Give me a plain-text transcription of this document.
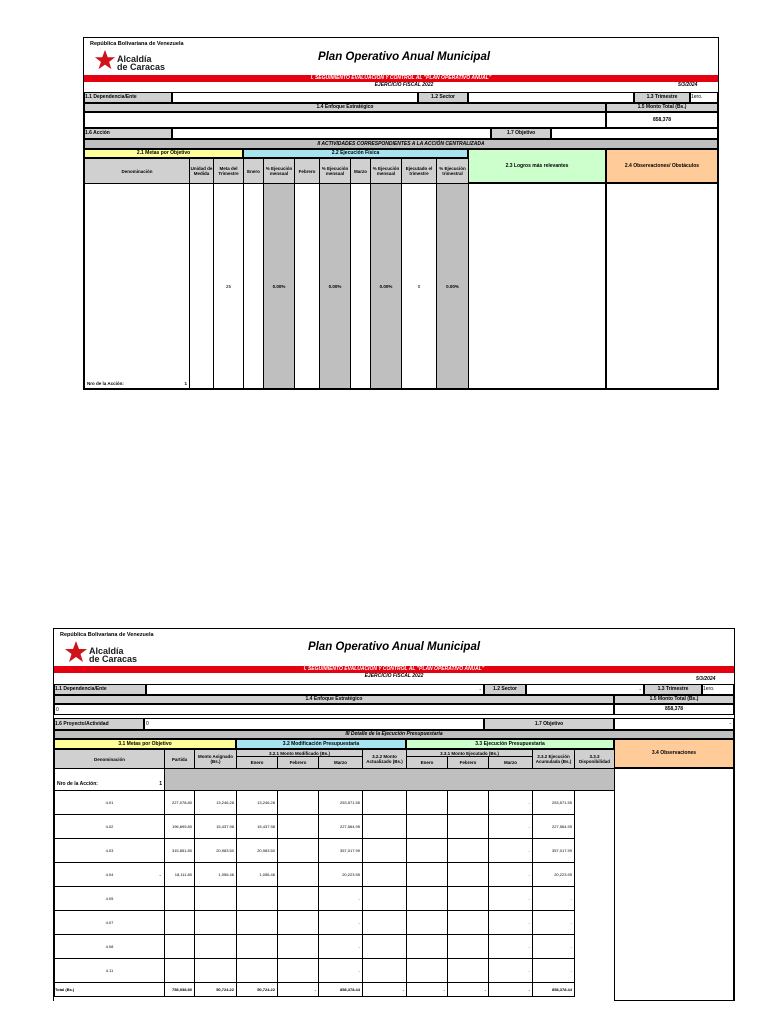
República Bolivariana de Venezuela
Alcaldía
de Caracas
Plan Operativo Anual Municipal
I. SEGUIMIENTO EVALUACIÓN Y CONTROL AL "PLAN OPERATIVO ANUAL"
EJERCICIO FISCAL 2022	5/3/2024
1.1 Dependencia/Ente	1.2 Sector	1.3 Trimestre	1ero.
1.4 Enfoque Estratégico	1.5 Monto Total (Bs.)
858,378
1.6 Acción	1.7 Objetivo
II ACTIVIDADES CORRESPONDIENTES A LA ACCIÓN CENTRALIZADA
2.1 Metas por Objetivo	2.2 Ejecución Física
2.3 Logros más relevantes	2.4 Observaciones/ Obstáculos
Denominación	Unidad de Medida	Meta del Trimestre	Enero	% Ejecución mensual	Febrero	% Ejecución mensual	Marzo	% Ejecución mensual	Ejecutado el trimestre	% Ejecución trimestral
Nro de la Acción: 1		25		0.00%		0.00%		0.00%	0	0.00%
República Bolivariana de Venezuela
Alcaldía
de Caracas
Plan Operativo Anual Municipal
I. SEGUIMIENTO EVALUACIÓN Y CONTROL AL "PLAN OPERATIVO ANUAL"
EJERCICIO FISCAL 2022	5/3/2024
1.1 Dependencia/Ente	-	1.2 Sector	-	1.3 Trimestre	1ero.
1.4 Enfoque Estratégico	1.5 Monto Total (Bs.)
0	858,378
1.6 Proyecto/Actividad	0	1.7 Objetivo	-
III Detalle de la Ejecución Presupuestaria
3.1 Metas por Objetivo	3.2 Modificación Presupuestaria	3.3 Ejecución Presupuestaria
3.4 Observaciones
Denominación	Partida	Monto Asignado (Bs.)	3.2.1 Monto Modificado (Bs.)			3.2.2 Monto Actualizado (Bs.)	3.3.1 Monto Ejecutado (Bs.)			3.3.2 Ejecución Acumulada (Bs.)	3.3.3 Disponibilidad
			Enero	Febrero	Marzo		Enero	Febrero	Marzo		

-
Nro de la Acción: 1											

4.01	227,078.80	13,246.28	13,246.28		253,571.55				-	253,571.55	
4.02	196,899.80	15,437.98	15,437.98		227,564.95				-	227,564.95	
4.03	315,851.80	20,983.50	20,983.50		357,017.99				-	357,017.99	
4.04	18,111.80	1,056.46	1,056.46		20,223.95				-	20,223.95	
4.05					-				-	-	
4.07					-				-	-	
4.08					-				-	-	
4.11					-				-	-	
Total (Bs.)	758,938.80	50,724.22	50,724.22	-	858,378.44	-	-	-	-	858,378.44	
